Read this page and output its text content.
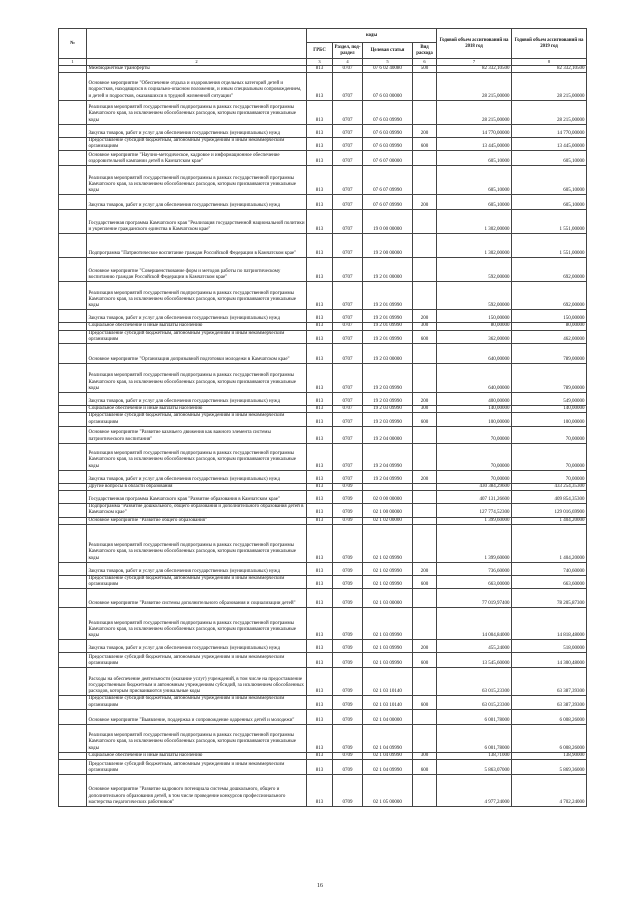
№		коды				Годовой объем ассигнований на 2018 год	Годовой объем ассигнований на 2019 год
		ГРБС	Раздел, под-раздел	Целевая статья	Вид расхода		
1	2	3	4	5	6	7	8
	Межбюджетные трансферты	813	0707	07 6 02 40080	500	82 332,10500	82 332,10500
	Основное мероприятие "Обеспечение отдыха и оздоровления отдельных категорий детей и подростков, находящихся в социально-опасном положении, и иным специальным сопровождением, и детей и подростков, оказавшихся в трудной жизненной ситуации"	813	0707	07 6 03 00000		28 215,00000	28 215,00000
	Реализация мероприятий государственной подпрограммы в рамках государственной программы Камчатского края, за исключением обособленных расходов, которым присваиваются уникальные коды	813	0707	07 6 03 09990		28 215,00000	28 215,00000
	Закупка товаров, работ и услуг для обеспечения государственных (муниципальных) нужд	813	0707	07 6 03 09990	200	14 770,00000	14 770,00000
	Предоставление субсидий бюджетным, автономным учреждениям и иным некоммерческим организациям	813	0707	07 6 03 09990	600	13 445,00000	13 445,00000
	Основное мероприятие "Научно-методическое, кадровое и информационное обеспечение оздоровительной кампании детей в Камчатском крае"	813	0707	07 6 07 00000		605,10000	605,10000
	Реализация мероприятий государственной подпрограммы в рамках государственной программы Камчатского края, за исключением обособленных расходов, которым присваиваются уникальные коды	813	0707	07 6 07 09990		605,10000	605,10000
	Закупка товаров, работ и услуг для обеспечения государственных (муниципальных) нужд	813	0707	07 6 07 09990	200	605,10000	605,10000
	Государственная программа Камчатского края "Реализация государственной национальной политики и укрепление гражданского единства в Камчатском крае"	813	0707	19 0 00 00000		1 302,00000	1 551,00000
	Подпрограмма "Патриотическое воспитание граждан Российской Федерации в Камчатском крае"	813	0707	19 2 00 00000		1 302,00000	1 551,00000
	Основное мероприятие "Совершенствование форм и методов работы по патриотическому воспитанию граждан Российской Федерации в Камчатском крае"	813	0707	19 2 01 00000		592,00000	692,00000
	Реализация мероприятий государственной подпрограммы в рамках государственной программы Камчатского края, за исключением обособленных расходов, которым присваиваются уникальные коды	813	0707	19 2 01 09990		592,00000	692,00000
	Закупка товаров, работ и услуг для обеспечения государственных (муниципальных) нужд	813	0707	19 2 01 09990	200	150,00000	150,00000
	Социальное обеспечение и иные выплаты населению	813	0707	19 2 01 09990	300	80,00000	80,00000
	Предоставление субсидий бюджетным, автономным учреждениям и иным некоммерческим организациям	813	0707	19 2 01 09990	600	362,00000	462,00000
	Основное мероприятие "Организация допризывной подготовки молодежи в Камчатском крае"	813	0707	19 2 03 00000		640,00000	789,00000
	Реализация мероприятий государственной подпрограммы в рамках государственной программы Камчатского края, за исключением обособленных расходов, которым присваиваются уникальные коды	813	0707	19 2 03 09990		640,00000	789,00000
	Закупка товаров, работ и услуг для обеспечения государственных (муниципальных) нужд	813	0707	19 2 03 09990	200	400,00000	549,00000
	Социальное обеспечение и иные выплаты населению	813	0707	19 2 03 09990	300	140,00000	140,00000
	Предоставление субсидий бюджетным, автономным учреждениям и иным некоммерческим организациям	813	0707	19 2 03 09990	600	100,00000	100,00000
	Основное мероприятие "Развитие казачьего движения как важного элемента системы патриотического воспитания"	813	0707	19 2 04 00000		70,00000	70,00000
	Реализация мероприятий государственной подпрограммы в рамках государственной программы Камчатского края, за исключением обособленных расходов, которым присваиваются уникальные коды	813	0707	19 2 04 09990		70,00000	70,00000
	Закупка товаров, работ и услуг для обеспечения государственных (муниципальных) нужд	813	0707	19 2 04 09990	200	70,00000	70,00000
	Другие вопросы в области образования	813	0709			430 384,29600	433 254,35300
	Государственная программа Камчатского края "Развитие образования в Камчатском крае"	813	0709	02 0 00 00000		407 131,26600	409 854,35300
	Подпрограмма "Развитие дошкольного, общего образования и дополнительного образования детей в Камчатском крае"	813	0709	02 1 00 00000		127 774,52300	129 016,69900
	Основное мероприятие "Развитие общего образования"	813	0709	02 1 02 00000		1 399,60000	1 404,20000
	Реализация мероприятий государственной подпрограммы в рамках государственной программы Камчатского края, за исключением обособленных расходов, которым присваиваются уникальные коды	813	0709	02 1 02 09990		1 399,60000	1 404,20000
	Закупка товаров, работ и услуг для обеспечения государственных (муниципальных) нужд	813	0709	02 1 02 09990	200	736,60000	740,60000
	Предоставление субсидий бюджетным, автономным учреждениям и иным некоммерческим организациям	813	0709	02 1 02 09990	600	663,00000	663,60000
	Основное мероприятие "Развитие системы дополнительного образования и социализации детей"	813	0709	02 1 03 00000		77 019,97400	78 205,87300
	Реализация мероприятий государственной подпрограммы в рамках государственной программы Камчатского края, за исключением обособленных расходов, которым присваиваются уникальные коды	813	0709	02 1 03 09990		14 004,84000	14 818,48000
	Закупка товаров, работ и услуг для обеспечения государственных (муниципальных) нужд	813	0709	02 1 03 09990	200	455,24000	518,00000
	Предоставление субсидий бюджетным, автономным учреждениям и иным некоммерческим организациям	813	0709	02 1 03 09990	600	13 545,60000	14 300,48000
	Расходы на обеспечение деятельности (оказание услуг) учреждений, в том числе на предоставление государственным бюджетным и автономным учреждениям субсидий, за исключением обособленных расходов, которым присваиваются уникальные коды	813	0709	02 1 03 10140		63 015,23300	63 387,39300
	Предоставление субсидий бюджетным, автономным учреждениям и иным некоммерческим организациям	813	0709	02 1 03 10140	600	63 015,23300	63 387,39300
	Основное мероприятие "Выявление, поддержка и сопровождение одаренных детей и молодежи"	813	0709	02 1 04 00000		6 001,78000	6 008,26000
	Реализация мероприятий государственной подпрограммы в рамках государственной программы Камчатского края, за исключением обособленных расходов, которым присваиваются уникальные коды	813	0709	02 1 04 09990		6 001,78000	6 008,26000
	Социальное обеспечение и иные выплаты населению	813	0709	02 1 04 09990	300	138,71000	138,90000
	Предоставление субсидий бюджетным, автономным учреждениям и иным некоммерческим организациям	813	0709	02 1 04 09990	600	5 863,07000	5 869,36000
	Основное мероприятие "Развитие кадрового потенциала системы дошкольного, общего и дополнительного образования детей, в том числе проведение конкурсов профессионального мастерства педагогических работников"	813	0709	02 1 05 00000		4 977,24000	4 702,24000
16
